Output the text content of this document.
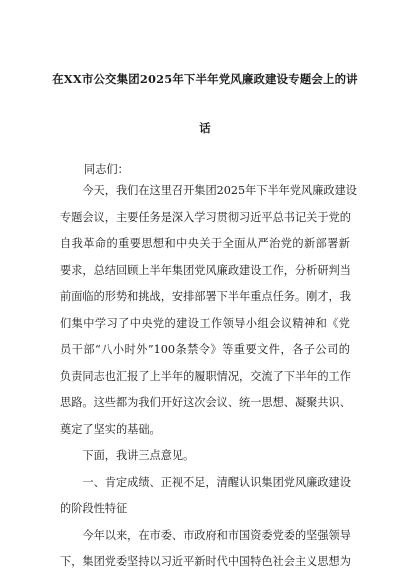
在XX市公交集团2025年下半年党风廉政建设专题会上的讲
话
同志们：
　　今天，我们在这里召开集团2025年下半年党风廉政建设
专题会议，主要任务是深入学习贯彻习近平总书记关于党的
自我革命的重要思想和中央关于全面从严治党的新部署新
要求，总结回顾上半年集团党风廉政建设工作，分析研判当
前面临的形势和挑战，安排部署下半年重点任务。刚才，我
们集中学习了中央党的建设工作领导小组会议精神和《党
员干部“八小时外”100条禁令》等重要文件，各子公司的
负责同志也汇报了上半年的履职情况，交流了下半年的工作
思路。这些都为我们开好这次会议、统一思想、凝聚共识、
奠定了坚实的基础。
　　下面，我讲三点意见。
　　一、肯定成绩、正视不足，清醒认识集团党风廉政建设
的阶段性特征
　　今年以来，在市委、市政府和市国资委党委的坚强领导
下，集团党委坚持以习近平新时代中国特色社会主义思想为
